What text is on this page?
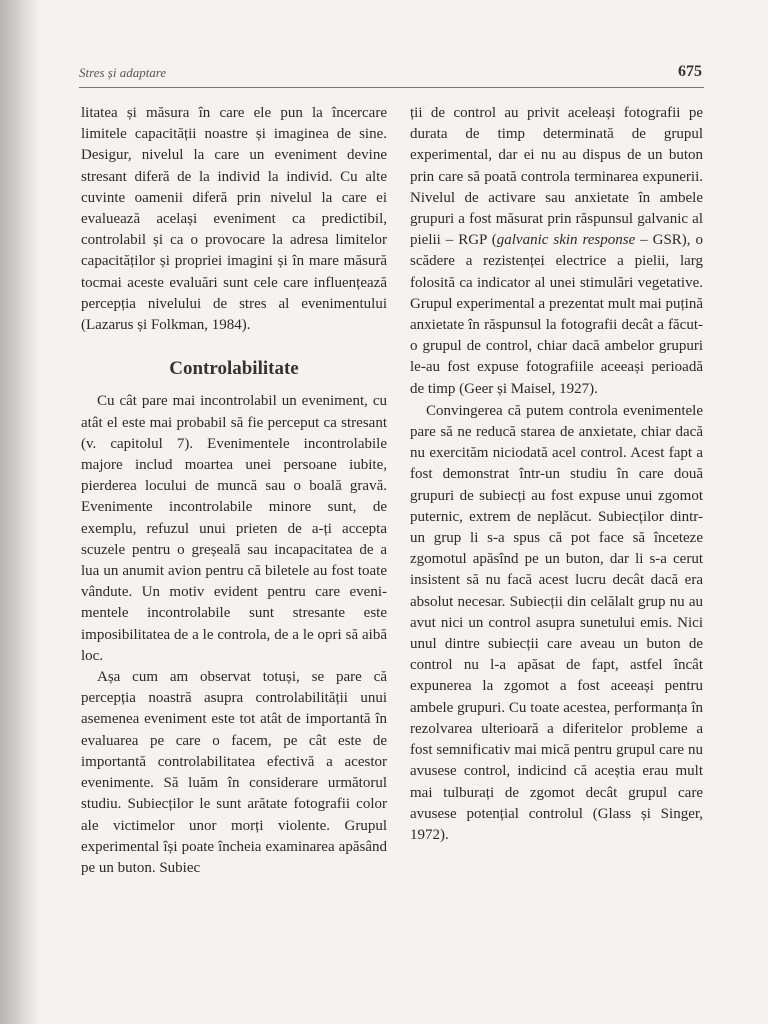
Stres și adaptare	675

litatea și măsura în care ele pun la încercare limitele capacității noastre și imaginea de sine. Desigur, nivelul la care un eveniment devine stresant diferă de la individ la individ. Cu alte cuvinte oamenii diferă prin nivelul la care ei evaluează același eveniment ca predictibil, controlabil și ca o provocare la adresa limitelor capacităților și propriei imagini și în mare măsură tocmai aceste evaluări sunt cele care influențează percepția nivelului de stres al evenimentului (Lazarus și Folkman, 1984).

Controlabilitate

Cu cât pare mai incontrolabil un eveniment, cu atât el este mai probabil să fie perceput ca stresant (v. capitolul 7). Evenimentele incontrolabile majore includ moartea unei persoane iubite, pierderea locului de muncă sau o boală gravă. Evenimente incontrolabile minore sunt, de exemplu, refuzul unui prieten de a-ți accepta scuzele pentru o greșeală sau incapacitatea de a lua un anumit avion pentru că biletele au fost toate vândute. Un motiv evident pentru care evenimentele incontrolabile sunt stresante este imposibilitatea de a le controla, de a le opri să aibă loc.

Așa cum am observat totuși, se pare că percepția noastră asupra controlabilității unui asemenea eveniment este tot atât de importantă în evaluarea pe care o facem, pe cât este de importantă controlabilitatea efectivă a acestor evenimente. Să luăm în considerare următorul studiu. Subiecților le sunt arătate fotografii color ale victimelor unor morți violente. Grupul experimental își poate încheia examinarea apăsând pe un buton. Subiec

ții de control au privit aceleași fotografii pe durata de timp determinată de grupul experimental, dar ei nu au dispus de un buton prin care să poată controla terminarea expunerii. Nivelul de activare sau anxietate în ambele grupuri a fost măsurat prin răspunsul galvanic al pielii – RGP (galvanic skin response – GSR), o scădere a rezistenței electrice a pielii, larg folosită ca indicator al unei stimulări vegetative. Grupul experimental a prezentat mult mai puțină anxietate în răspunsul la fotografii decât a făcut-o grupul de control, chiar dacă ambelor grupuri le-au fost expuse fotografiile aceeași perioadă de timp (Geer și Maisel, 1927).

Convingerea că putem controla evenimentele pare să ne reducă starea de anxietate, chiar dacă nu exercităm niciodată acel control. Acest fapt a fost demonstrat într-un studiu în care două grupuri de subiecți au fost expuse unui zgomot puternic, extrem de neplăcut. Subiecților dintr-un grup li s-a spus că pot face să înceteze zgomotul apăsînd pe un buton, dar li s-a cerut insistent să nu facă acest lucru decât dacă era absolut necesar. Subiecții din celălalt grup nu au avut nici un control asupra sunetului emis. Nici unul dintre subiecții care aveau un buton de control nu l-a apăsat de fapt, astfel încât expunerea la zgomot a fost aceeași pentru ambele grupuri. Cu toate acestea, performanța în rezolvarea ulterioară a diferitelor probleme a fost semnificativ mai mică pentru grupul care nu avusese control, indicind că aceștia erau mult mai tulburați de zgomot decât grupul care avusese potențial controlul (Glass și Singer, 1972).
